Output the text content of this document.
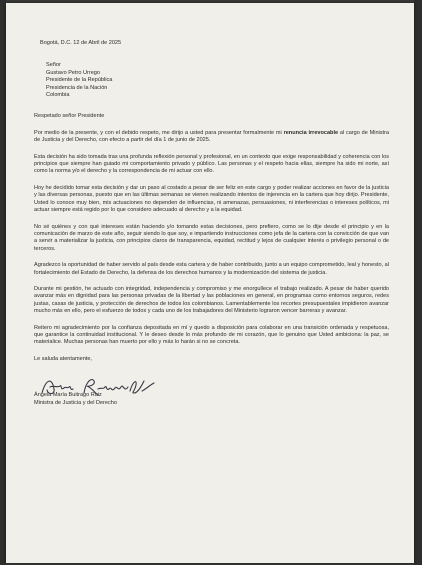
Bogotá, D.C. 12 de Abril de 2025

Señor

Gustavo Petro Urrego

Presidente de la República

Presidencia de la Nación

Colombia

Respetado señor Presidente
Por medio de la presente, y con el debido respeto, me dirijo a usted para presentar formalmente mi renuncia irrevocable al cargo de Ministra de Justicia y del Derecho, con efecto a partir del día 1 de junio de 2025.
Esta decisión ha sido tomada tras una profunda reflexión personal y profesional, en un contexto que exige responsabilidad y coherencia con los principios que siempre han guiado mi comportamiento privado y público. Las personas y el respeto hacia ellas, siempre ha sido mi norte, así como la norma y/o el derecho y la correspondencia de mi actuar con ello.
Hoy he decidido tomar esta decisión y dar un paso al costado a pesar de ser feliz en este cargo y poder realizar acciones en favor de la justicia y las diversas personas, puesto que en las últimas semanas se vienen realizando intentos de injerencia en la cartera que hoy dirijo. Presidente, Usted lo conoce muy bien, mis actuaciones no dependen de influencias, ni amenazas, persuasiones, ni interferencias o intereses políticos, mi actuar siempre está regido por lo que considero adecuado al derecho y a la equidad.
No sé quiénes y con qué intereses están haciendo y/o tomando estas decisiones, pero prefiero, como se lo dije desde el principio y en la comunicación de marzo de este año, seguir siendo lo que soy, e impartiendo instrucciones como jefa de la cartera con la convicción de que van a servir a materializar la justicia, con principios claros de transparencia, equidad, rectitud y lejos de cualquier interés o privilegio personal o de terceros.
Agradezco la oportunidad de haber servido al país desde esta cartera y de haber contribuido, junto a un equipo comprometido, leal y honesto, al fortalecimiento del Estado de Derecho, la defensa de los derechos humanos y la modernización del sistema de justicia.
Durante mi gestión, he actuado con integridad, independencia y compromiso y me enorgullece el trabajo realizado. A pesar de haber querido avanzar más en dignidad para las personas privadas de la libertad y las poblaciones en general, en programas como entornos seguros, redes justas, casas de justicia, y protección de derechos de todos los colombianos. Lamentablemente los recortes presupuestales impidieron avanzar mucho más en ello, pero el esfuerzo de todos y cada uno de los trabajadores del Ministerio lograron vencer barreras y avanzar.
Reitero mi agradecimiento por la confianza depositada en mí y quedo a disposición para colaborar en una transición ordenada y respetuosa, que garantice la continuidad institucional. Y le deseo desde lo más profundo de mi corazón, que lo genuino que Usted ambiciona: la paz, se materialice. Muchas personas han muerto por ello y más lo harán si no se concreta.
Le saluda atentamente,

Ángela María Buitrago Ruiz

Ministra de Justicia y del Derecho
